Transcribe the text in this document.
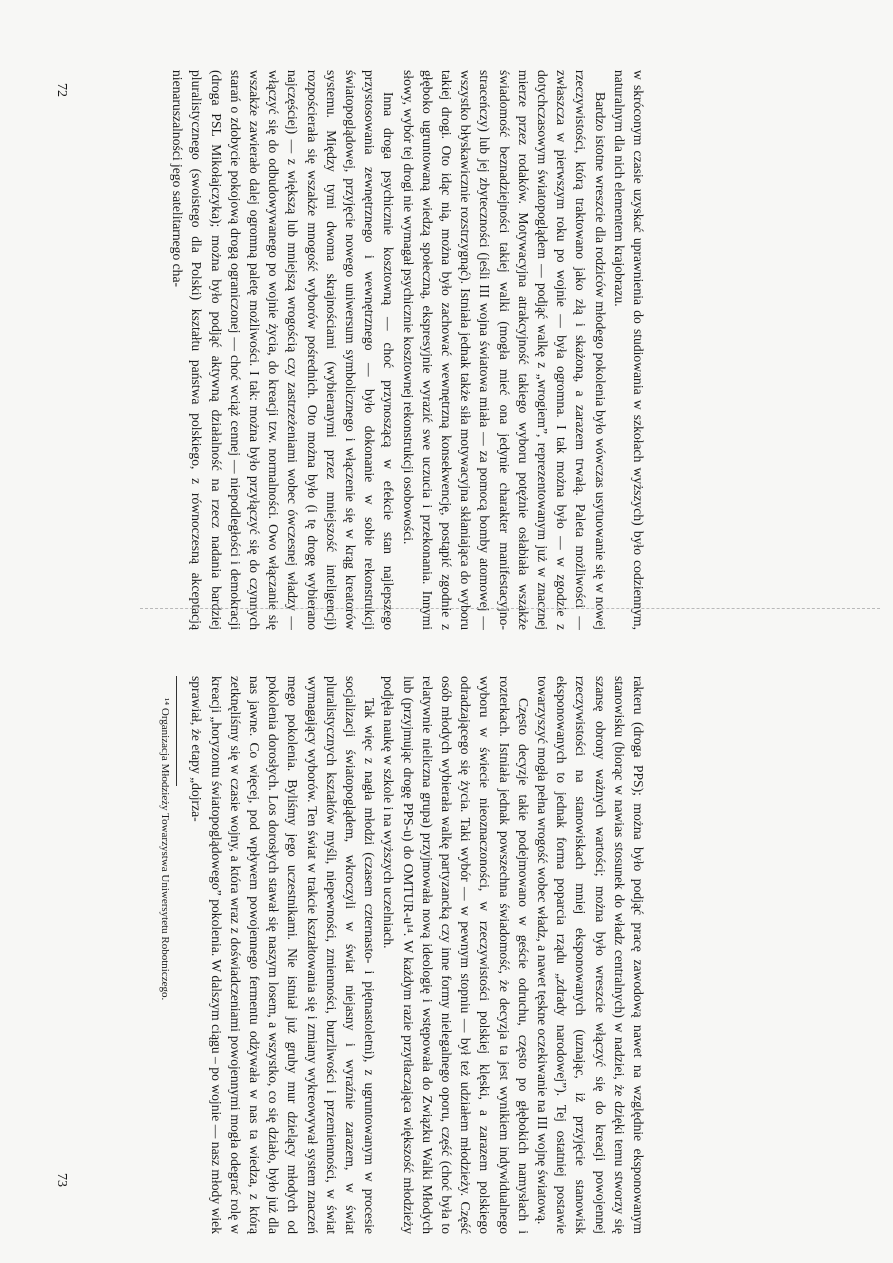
w skróconym czasie uzyskać uprawnienia do studiowania w szkołach wyższych) było codziennym, naturalnym dla nich elementem krajobrazu.

Bardzo istotne wreszcie dla rodziców młodego pokolenia było wówczas usytuowanie się w nowej rzeczywistości, którą traktowano jako złą i skażoną, a zarazem trwałą. Paleta możliwości — zwłaszcza w pierwszym roku po wojnie — była ogromna. I tak można było — w zgodzie z dotychczasowym światopoglądem — podjąć walkę z „wrogiem”, reprezentowanym już w znacznej mierze przez rodaków. Motywacyjna atrakcyjność takiego wyboru potężnie osłabiała wszakże świadomość beznadziejności takiej walki (mogła mieć ona jedynie charakter manifestacyjno-straceńczy) lub jej zbyteczności (jeśli III wojna światowa miała — za pomocą bomby atomowej — wszystko błyskawicznie rozstrzygnąć). Istniała jednak także siła motywacyjna skłaniająca do wyboru takiej drogi. Oto idąc nią, można było zachować wewnętrzną konsekwencję, postąpić zgodnie z głęboko ugruntowaną wiedzą społeczną, ekspresyjnie wyrazić swe uczucia i przekonania. Innymi słowy, wybór tej drogi nie wymagał psychicznie kosztownej rekonstrukcji osobowości.

Inna droga psychicznie kosztowną — choć przynoszącą w efekcie stan najlepszego przystosowania zewnętrznego i wewnętrznego — było dokonanie w sobie rekonstrukcji światopoglądowej, przyjęcie nowego uniwersum symbolicznego i włączenie się w krąg kreatorów systemu. Między tymi dwoma skrajnościami (wybieranymi przez mniejszość inteligencji) rozpościerała się wszakże mnogość wyborów pośrednich. Oto można było (i tę drogę wybierano najczęściej) — z większą lub mniejszą wrogością czy zastrzeżeniami wobec ówczesnej władzy — włączyć się do odbudowywanego po wojnie życia, do kreacji tzw. normalności. Owo włączanie się wszakże zawierało dalej ogromną paletę możliwości. I tak: można było przyłączyć się do czynnych starań o zdobycie pokojową drogą ograniczonej — choć wciąż cennej — niepodległości i demokracji (droga PSL Mikołajczyka); można było podjąć aktywną działalność na rzecz nadania bardziej pluralistycznego (swoistego dla Polski) kształtu państwa polskiego, z równoczesną akceptacją nienaruszalności jego satelitarnego cha-

rakteru (droga PPS); można było podjąć pracę zawodową nawet na względnie eksponowanym stanowisku (biorąc w nawias stosunek do władz centralnych) w nadziei, że dzięki temu stworzy się szansę obrony ważnych wartości; można było wreszcie włączyć się do kreacji powojennej rzeczywistości na stanowiskach mniej eksponowanych (uznając, iż przyjęcie stanowisk eksponowanych to jednak forma poparcia rządu „zdrady narodowej”). Tej ostatniej postawie towarzyszyć mogła pełna wrogość wobec władz, a nawet tęskne oczekiwanie na III wojnę światową.

Często decyzje takie podejmowano w geście odruchu, często po głębokich namysłach i rozterkach. Istniała jednak powszechna świadomość, że decyzja ta jest wynikiem indywidualnego wyboru w świecie nieoznaczoności, w rzeczywistości polskiej klęski, a zarazem polskiego odradzającego się życia. Taki wybór — w pewnym stopniu — był też udziałem młodzieży. Część osób młodych wybierała walkę partyzancką czy inne formy nielegalnego oporu, część (choć była to relatywnie nieliczna grupa) przyjmowała nową ideologię i wstępowała do Związku Walki Młodych lub (przyjmując drogę PPS-u) do OMTUR-u¹⁴. W każdym razie przytłaczająca większość młodzieży podjęła naukę w szkole i na wyższych uczelniach.

Tak więc z nagła młodzi (czasem czternasto- i piętnastoletni), z ugruntowanym w procesie socjalizacji światopoglądem, wkroczyli w świat niejasny i wyraźnie zarazem, w świat pluralistycznych kształtów myśli, niepewności, zmienności, burzliwości i przemienności, w świat wymagający wyborów. Ten świat w trakcie kształtowania się i zmiany wykreowywał system znaczeń mego pokolenia. Byliśmy jego uczestnikami. Nie istniał już gruby mur dzielący młodych od pokolenia dorosłych. Los dorosłych stawał się naszym losem, a wszystko, co się działo, było już dla nas jawne. Co więcej, pod wpływem powojennego fermentu odżywała w nas ta wiedza, z którą zetknęliśmy się w czasie wojny, a która wraz z doświadczeniami powojennymi mogła odegrać rolę w kreacji „horyzontu światopoglądowego” pokolenia. W dalszym ciągu – po wojnie — nasz młody wiek sprawiał, że etapy „dojrza-

¹⁴ Organizacja Młodzieży Towarzystwa Uniwersytetu Robotniczego.

72
73
